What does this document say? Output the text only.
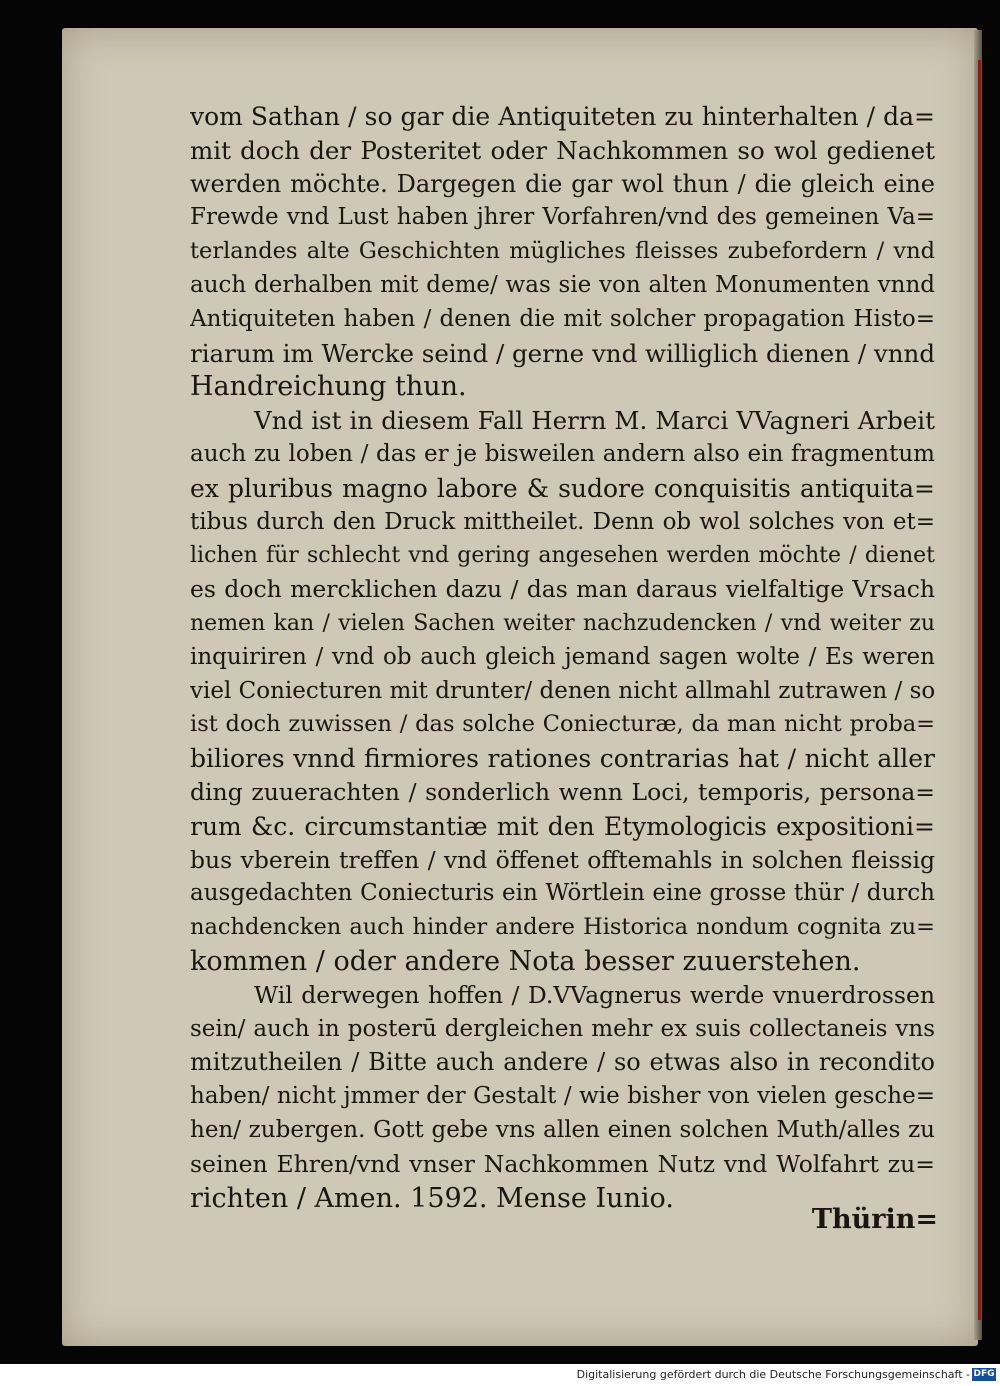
vom Sathan / so gar die Antiquiteten zu hinterhalten / da=
mit doch der Posteritet oder Nachkommen so wol gedienet
werden möchte. Dargegen die gar wol thun / die gleich eine
Frewde vnd Lust haben jhrer Vorfahren/vnd des gemeinen Va=
terlandes alte Geschichten mügliches fleisses zubefordern / vnd
auch derhalben mit deme/ was sie von alten Monumenten vnnd
Antiquiteten haben / denen die mit solcher propagation Histo=
riarum im Wercke seind / gerne vnd williglich dienen / vnnd
Handreichung thun.
Vnd ist in diesem Fall Herrn M. Marci VVagneri Arbeit
auch zu loben / das er je bisweilen andern also ein fragmentum
ex pluribus magno labore & sudore conquisitis antiquita=
tibus durch den Druck mittheilet. Denn ob wol solches von et=
lichen für schlecht vnd gering angesehen werden möchte / dienet
es doch mercklichen dazu / das man daraus vielfaltige Vrsach
nemen kan / vielen Sachen weiter nachzudencken / vnd weiter zu
inquiriren / vnd ob auch gleich jemand sagen wolte / Es weren
viel Coniecturen mit drunter/ denen nicht allmahl zutrawen / so
ist doch zuwissen / das solche Coniecturæ, da man nicht proba=
biliores vnnd firmiores rationes contrarias hat / nicht aller
ding zuuerachten / sonderlich wenn Loci, temporis, persona=
rum &c. circumstantiæ mit den Etymologicis expositioni=
bus vberein treffen / vnd öffenet offtemahls in solchen fleissig
ausgedachten Coniecturis ein Wörtlein eine grosse thür / durch
nachdencken auch hinder andere Historica nondum cognita zu=
kommen / oder andere Nota besser zuuerstehen.
Wil derwegen hoffen / D.VVagnerus werde vnuerdrossen
sein/ auch in posterū dergleichen mehr ex suis collectaneis vns
mitzutheilen / Bitte auch andere / so etwas also in recondito
haben/ nicht jmmer der Gestalt / wie bisher von vielen gesche=
hen/ zubergen. Gott gebe vns allen einen solchen Muth/alles zu
seinen Ehren/vnd vnser Nachkommen Nutz vnd Wolfahrt zu=
richten / Amen. 1592. Mense Iunio.
Thürin=
Digitalisierung gefördert durch die Deutsche Forschungsgemeinschaft - DFG
